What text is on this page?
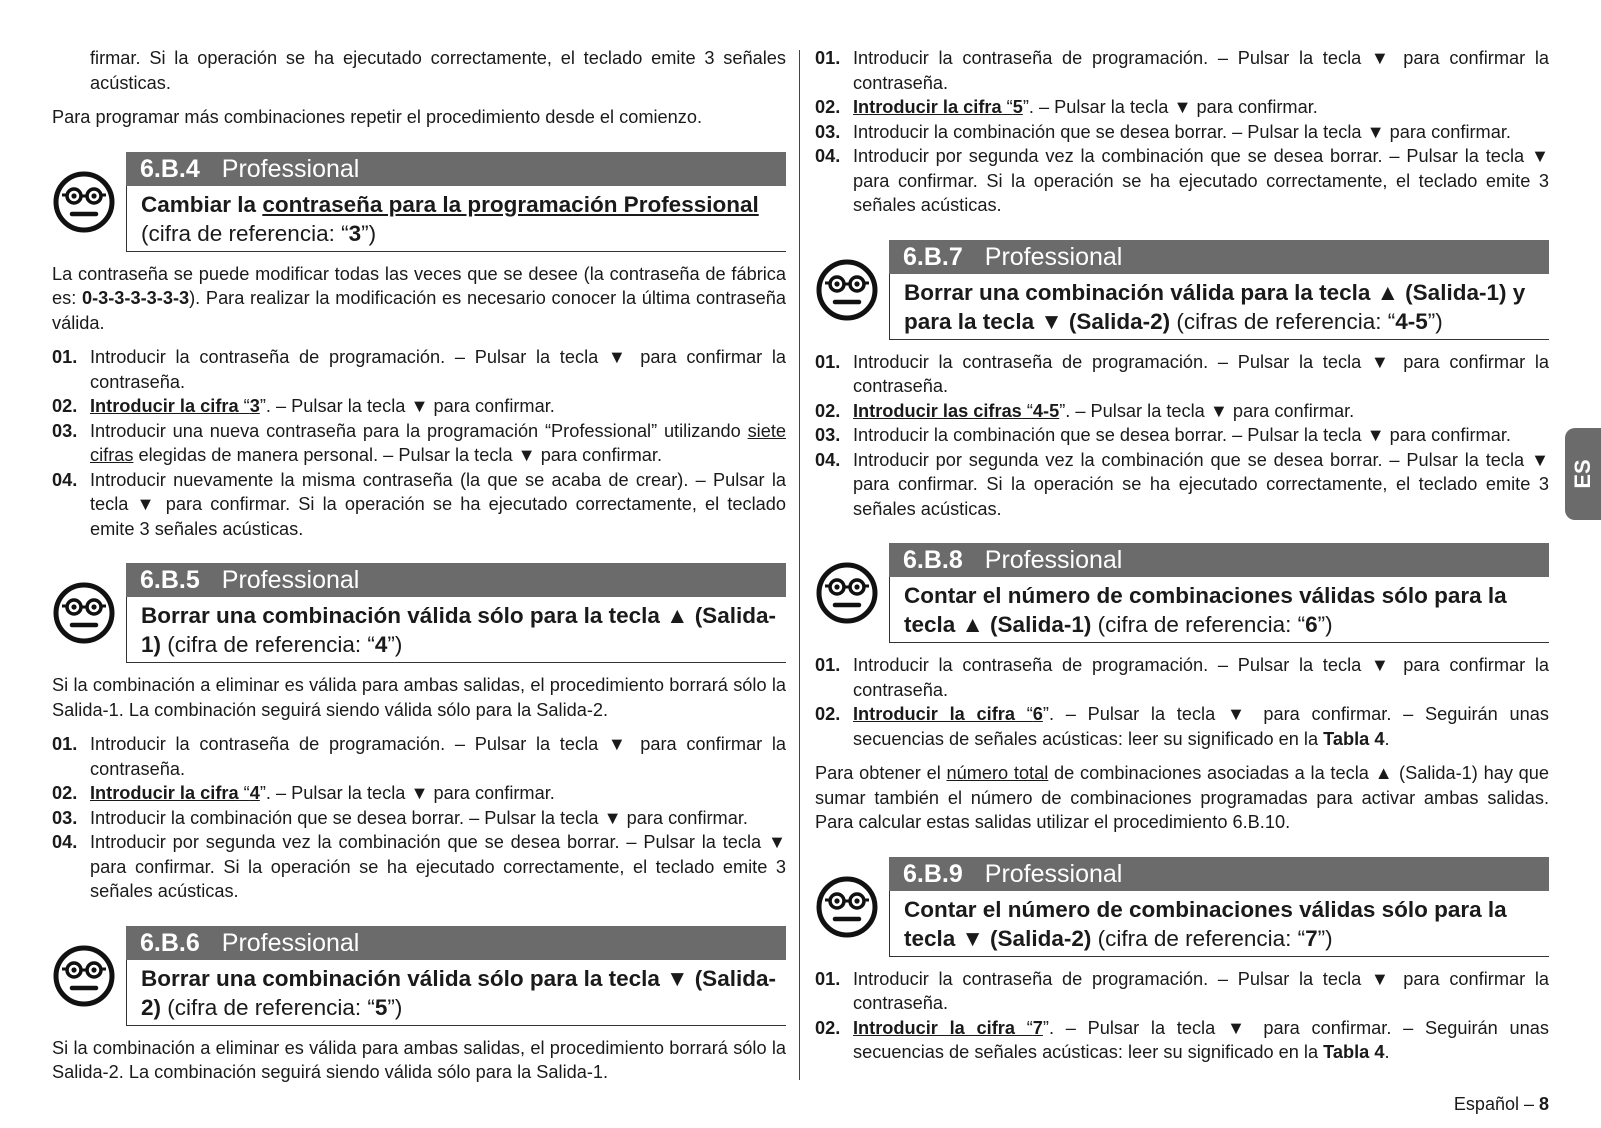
firmar. Si la operación se ha ejecutado correctamente, el teclado emite 3 señales acústicas.

Para programar más combinaciones repetir el procedimiento desde el comienzo.

6.B.4 Professional
Cambiar la contraseña para la programación Professional (cifra de referencia: “3”)

La contraseña se puede modificar todas las veces que se desee (la contraseña de fábrica es: 0-3-3-3-3-3-3). Para realizar la modificación es necesario conocer la última contraseña válida.

01. Introducir la contraseña de programación. – Pulsar la tecla ▼ para confirmar la contraseña.
02. Introducir la cifra “3”. – Pulsar la tecla ▼ para confirmar.
03. Introducir una nueva contraseña para la programación “Professional” utilizando siete cifras elegidas de manera personal. – Pulsar la tecla ▼ para confirmar.
04. Introducir nuevamente la misma contraseña (la que se acaba de crear). – Pulsar la tecla ▼ para confirmar. Si la operación se ha ejecutado correctamente, el teclado emite 3 señales acústicas.
6.B.5 Professional
Borrar una combinación válida sólo para la tecla ▲ (Salida-1) (cifra de referencia: “4”)

Si la combinación a eliminar es válida para ambas salidas, el procedimiento borrará sólo la Salida-1. La combinación seguirá siendo válida sólo para la Salida-2.

01. Introducir la contraseña de programación. – Pulsar la tecla ▼ para confirmar la contraseña.
02. Introducir la cifra “4”. – Pulsar la tecla ▼ para confirmar.
03. Introducir la combinación que se desea borrar. – Pulsar la tecla ▼ para confirmar.
04. Introducir por segunda vez la combinación que se desea borrar. – Pulsar la tecla ▼ para confirmar. Si la operación se ha ejecutado correctamente, el teclado emite 3 señales acústicas.
6.B.6 Professional
Borrar una combinación válida sólo para la tecla ▼ (Salida-2) (cifra de referencia: “5”)

Si la combinación a eliminar es válida para ambas salidas, el procedimiento borrará sólo la Salida-2. La combinación seguirá siendo válida sólo para la Salida-1.

01. Introducir la contraseña de programación. – Pulsar la tecla ▼ para confirmar la contraseña.
02. Introducir la cifra “5”. – Pulsar la tecla ▼ para confirmar.
03. Introducir la combinación que se desea borrar. – Pulsar la tecla ▼ para confirmar.
04. Introducir por segunda vez la combinación que se desea borrar. – Pulsar la tecla ▼ para confirmar. Si la operación se ha ejecutado correctamente, el teclado emite 3 señales acústicas.
6.B.7 Professional
Borrar una combinación válida para la tecla ▲ (Salida-1) y para la tecla ▼ (Salida-2) (cifras de referencia: “4-5”)
01. Introducir la contraseña de programación. – Pulsar la tecla ▼ para confirmar la contraseña.
02. Introducir las cifras “4-5”. – Pulsar la tecla ▼ para confirmar.
03. Introducir la combinación que se desea borrar. – Pulsar la tecla ▼ para confirmar.
04. Introducir por segunda vez la combinación que se desea borrar. – Pulsar la tecla ▼ para confirmar. Si la operación se ha ejecutado correctamente, el teclado emite 3 señales acústicas.
6.B.8 Professional
Contar el número de combinaciones válidas sólo para la tecla ▲ (Salida-1) (cifra de referencia: “6”)
01. Introducir la contraseña de programación. – Pulsar la tecla ▼ para confirmar la contraseña.
02. Introducir la cifra “6”. – Pulsar la tecla ▼ para confirmar. – Seguirán unas secuencias de señales acústicas: leer su significado en la Tabla 4.

Para obtener el número total de combinaciones asociadas a la tecla ▲ (Salida-1) hay que sumar también el número de combinaciones programadas para activar ambas salidas. Para calcular estas salidas utilizar el procedimiento 6.B.10.

6.B.9 Professional
Contar el número de combinaciones válidas sólo para la tecla ▼ (Salida-2) (cifra de referencia: “7”)
01. Introducir la contraseña de programación. – Pulsar la tecla ▼ para confirmar la contraseña.
02. Introducir la cifra “7”. – Pulsar la tecla ▼ para confirmar. – Seguirán unas secuencias de señales acústicas: leer su significado en la Tabla 4.
ES
Español – 8
